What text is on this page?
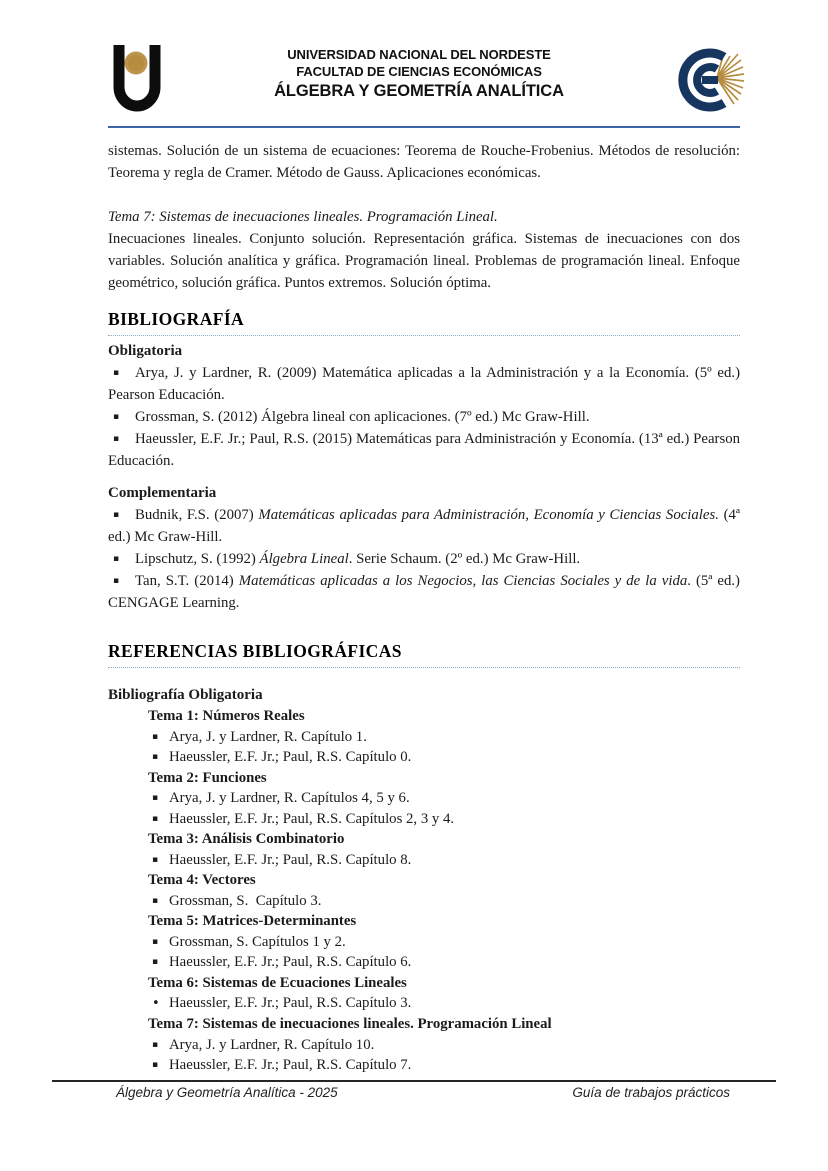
UNIVERSIDAD NACIONAL DEL NORDESTE
FACULTAD DE CIENCIAS ECONÓMICAS
ÁLGEBRA Y GEOMETRÍA ANALÍTICA

sistemas. Solución de un sistema de ecuaciones: Teorema de Rouche-Frobenius. Métodos de resolución: Teorema y regla de Cramer. Método de Gauss. Aplicaciones económicas.

Tema 7: Sistemas de inecuaciones lineales. Programación Lineal.

Inecuaciones lineales. Conjunto solución. Representación gráfica. Sistemas de inecuaciones con dos variables. Solución analítica y gráfica. Programación lineal. Problemas de programación lineal. Enfoque geométrico, solución gráfica. Puntos extremos. Solución óptima.

BIBLIOGRAFÍA

Obligatoria

▪ Arya, J. y Lardner, R. (2009) Matemática aplicadas a la Administración y a la Economía. (5º ed.) Pearson Educación.

▪ Grossman, S. (2012) Álgebra lineal con aplicaciones. (7º ed.) Mc Graw-Hill.

▪ Haeussler, E.F. Jr.; Paul, R.S. (2015) Matemáticas para Administración y Economía. (13ª ed.) Pearson Educación.

Complementaria

▪ Budnik, F.S. (2007) Matemáticas aplicadas para Administración, Economía y Ciencias Sociales. (4ª ed.) Mc Graw-Hill.

▪ Lipschutz, S. (1992) Álgebra Lineal. Serie Schaum. (2º ed.) Mc Graw-Hill.

▪ Tan, S.T. (2014) Matemáticas aplicadas a los Negocios, las Ciencias Sociales y de la vida. (5ª ed.) CENGAGE Learning.

REFERENCIAS BIBLIOGRÁFICAS

Bibliografía Obligatoria

Tema 1: Números Reales

▪ Arya, J. y Lardner, R. Capítulo 1.

▪ Haeussler, E.F. Jr.; Paul, R.S. Capítulo 0.

Tema 2: Funciones

▪ Arya, J. y Lardner, R. Capítulos 4, 5 y 6.

▪ Haeussler, E.F. Jr.; Paul, R.S. Capítulos 2, 3 y 4.

Tema 3: Análisis Combinatorio

▪ Haeussler, E.F. Jr.; Paul, R.S. Capítulo 8.

Tema 4: Vectores

▪ Grossman, S.  Capítulo 3.

Tema 5: Matrices-Determinantes

▪ Grossman, S. Capítulos 1 y 2.

▪ Haeussler, E.F. Jr.; Paul, R.S. Capítulo 6.

Tema 6: Sistemas de Ecuaciones Lineales

• Haeussler, E.F. Jr.; Paul, R.S. Capítulo 3.

Tema 7: Sistemas de inecuaciones lineales. Programación Lineal

▪ Arya, J. y Lardner, R. Capítulo 10.

▪ Haeussler, E.F. Jr.; Paul, R.S. Capítulo 7.

Álgebra y Geometría Analítica - 2025	Guía de trabajos prácticos
